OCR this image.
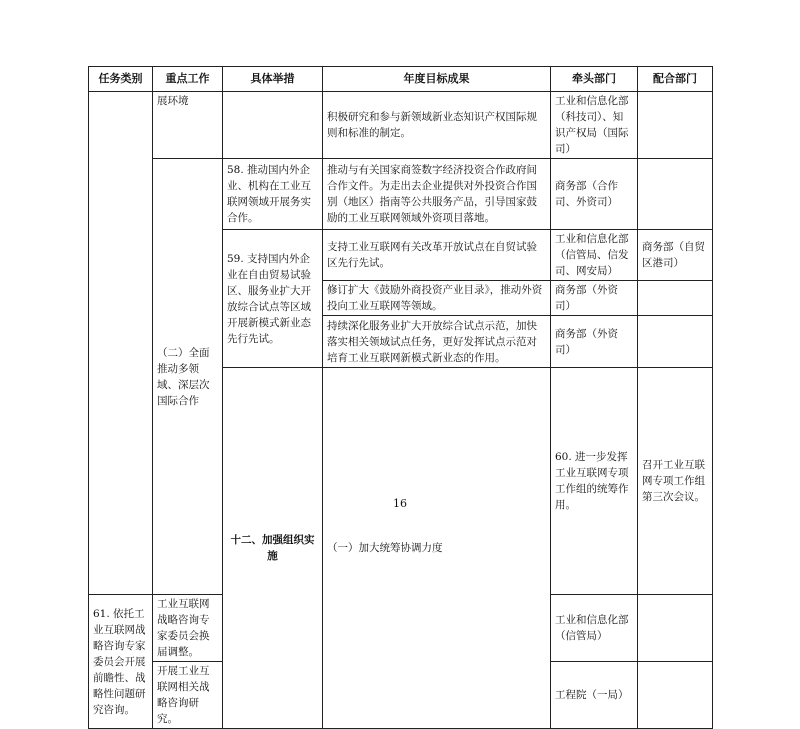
任务类别	重点工作	具体举措	年度目标成果	牵头部门	配合部门	
	展环境		积极研究和参与新领域新业态知识产权国际规则和标准的制定。	工业和信息化部（科技司）、知识产权局（国际司）		
	（二）全面推动多领域、深层次国际合作	58. 推动国内外企业、机构在工业互联网领域开展务实合作。	推动与有关国家商签数字经济投资合作政府间合作文件。为走出去企业提供对外投资合作国别（地区）指南等公共服务产品，引导国家鼓励的工业互联网领域外资项目落地。	商务部（合作司、外资司）		
		59. 支持国内外企业在自由贸易试验区、服务业扩大开放综合试点等区域开展新模式新业态先行先试。	支持工业互联网有关改革开放试点在自贸试验区先行先试。	工业和信息化部（信管局、信发司、网安局）	商务部（自贸区港司）	
			修订扩大《鼓励外商投资产业目录》，推动外资投向工业互联网等领域。	商务部（外资司）		
			持续深化服务业扩大开放综合试点示范，加快落实相关领域试点任务，更好发挥试点示范对培育工业互联网新模式新业态的作用。	商务部（外资司）		
		十二、加强组织实施	（一）加大统筹协调力度	60. 进一步发挥工业互联网专项工作组的统筹作用。	召开工业互联网专项工作组第三次会议。		
61. 依托工业互联网战略咨询专家委员会开展前瞻性、战略性问题研究咨询。	工业互联网战略咨询专家委员会换届调整。			工业和信息化部（信管局）		
	开展工业互联网相关战略咨询研究。			工程院（一局）		
16
